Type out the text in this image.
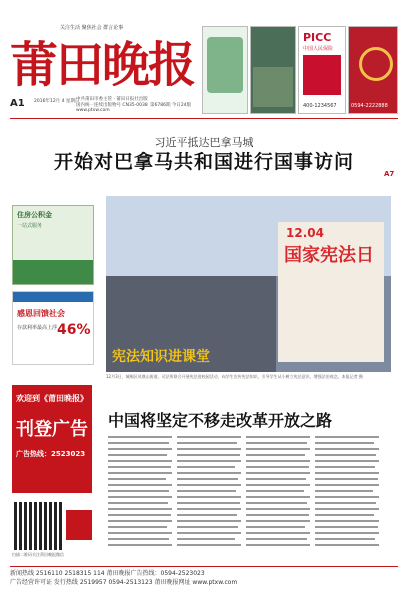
关注生活 聚焦社会 群言论事
莆田晚报
A1 2016年12月 4 星期日
中共莆田市委主管 · 莆田日报社出版
国内统一连续出版物号 CN35-0038
www.ptxw.com
第6786期 今日24版
PICC
中国人民保险
400-1234567	0594-2222888
习近平抵达巴拿马城
开始对巴拿马共和国进行国事访问
A7
住房公积金
一站式服务
感恩回馈社会
存款利率最高上浮 46%
欢迎到《莆田晚报》
刊登广告
广告热线：2523023
扫描二维码关注莆田晚报微信
12.04
国家宪法日
宪法知识进课堂
12月3日，城厢区凤凰山街道、司法所联合开展宪法进校园活动，向学生宣传宪法知识，引导学生从小树立宪法意识，增强法治观念。本报记者 摄
中国将坚定不移走改革开放之路
新闻热线 2516110 2518315 114 莆田晚报广告热线：0594-2523023
广告经营许可证 发行热线 2519957 0594-2513123 莆田晚报网址 www.ptxw.com
